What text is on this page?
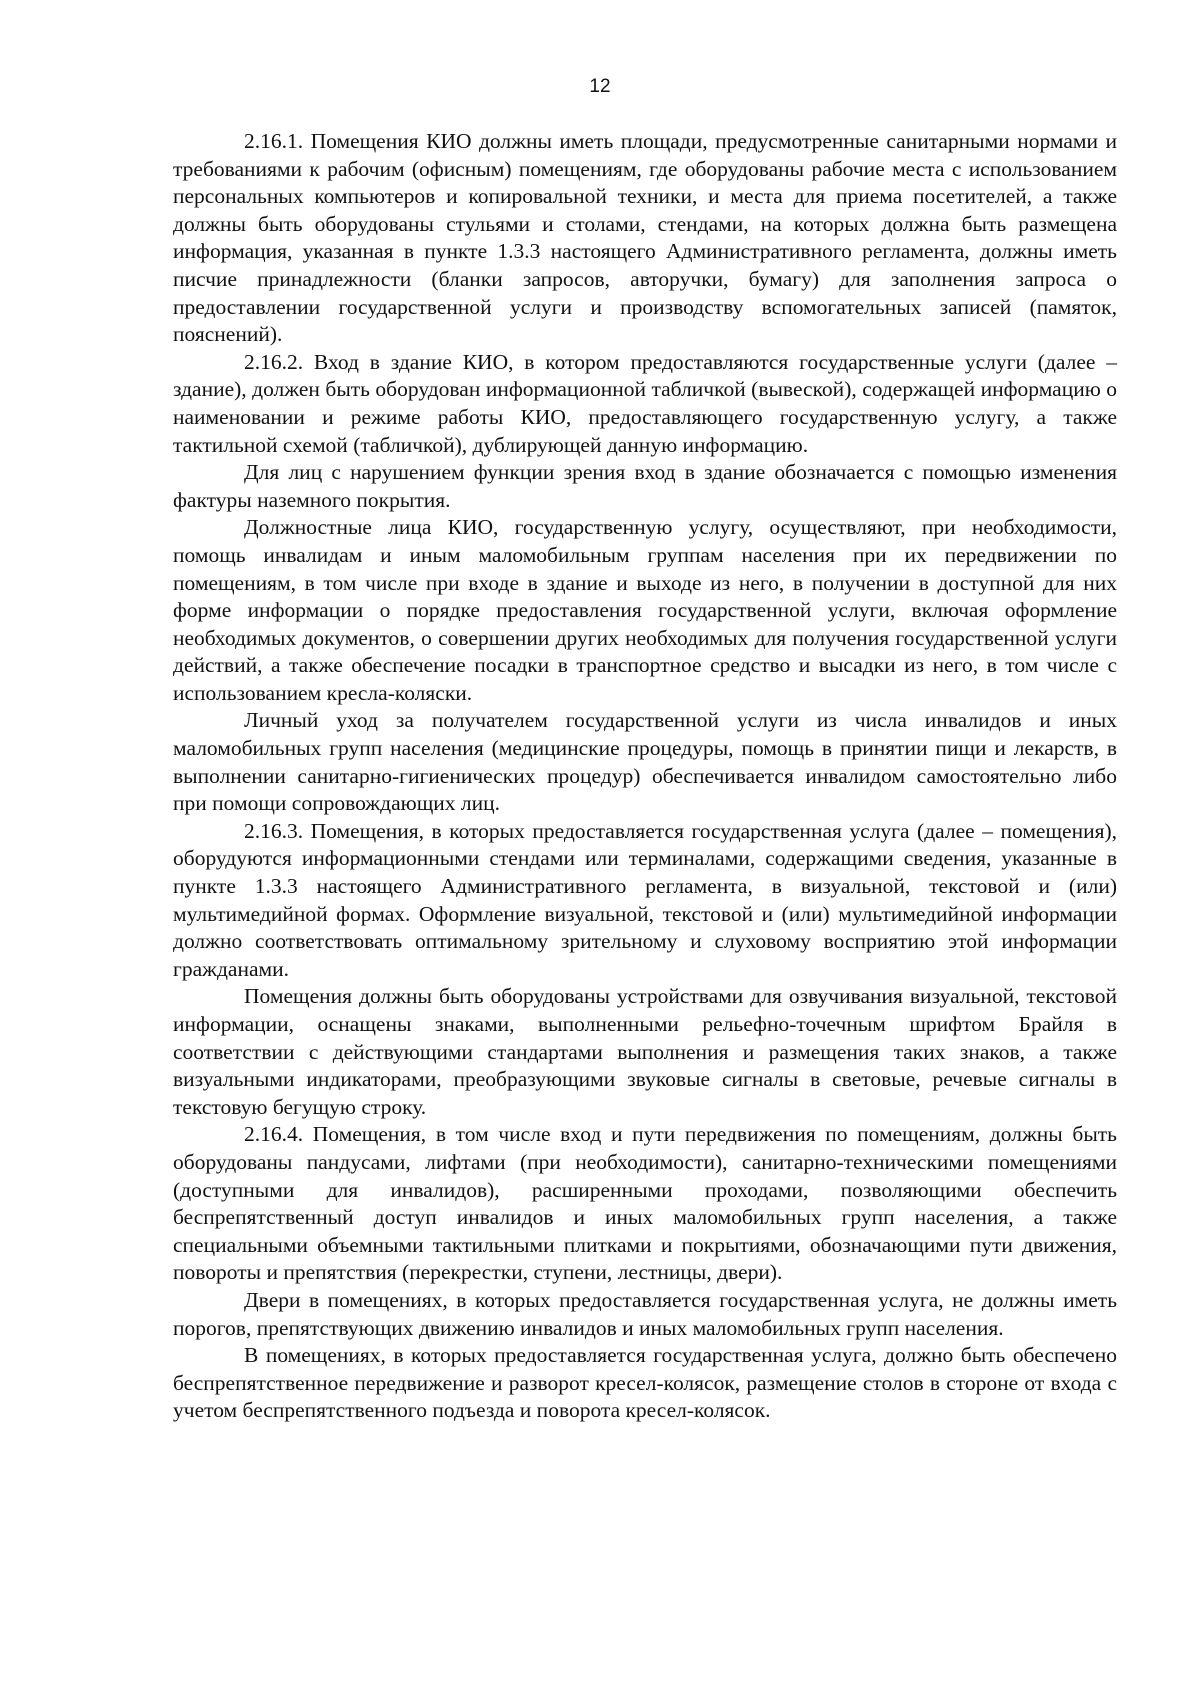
12

2.16.1. Помещения КИО должны иметь площади, предусмотренные санитарными нормами и требованиями к рабочим (офисным) помещениям, где оборудованы рабочие места с использованием персональных компьютеров и копировальной техники, и места для приема посетителей, а также должны быть оборудованы стульями и столами, стендами, на которых должна быть размещена информация, указанная в пункте 1.3.3 настоящего Административного регламента, должны иметь писчие принадлежности (бланки запросов, авторучки, бумагу) для заполнения запроса о предоставлении государственной услуги и производству вспомогательных записей (памяток, пояснений).

2.16.2. Вход в здание КИО, в котором предоставляются государственные услуги (далее – здание), должен быть оборудован информационной табличкой (вывеской), содержащей информацию о наименовании и режиме работы КИО, предоставляющего государственную услугу, а также тактильной схемой (табличкой), дублирующей данную информацию.

Для лиц с нарушением функции зрения вход в здание обозначается с помощью изменения фактуры наземного покрытия.

Должностные лица КИО, государственную услугу, осуществляют, при необходимости, помощь инвалидам и иным маломобильным группам населения при их передвижении по помещениям, в том числе при входе в здание и выходе из него, в получении в доступной для них форме информации о порядке предоставления государственной услуги, включая оформление необходимых документов, о совершении других необходимых для получения государственной услуги действий, а также обеспечение посадки в транспортное средство и высадки из него, в том числе с использованием кресла-коляски.

Личный уход за получателем государственной услуги из числа инвалидов и иных маломобильных групп населения (медицинские процедуры, помощь в принятии пищи и лекарств, в выполнении санитарно-гигиенических процедур) обеспечивается инвалидом самостоятельно либо при помощи сопровождающих лиц.

2.16.3. Помещения, в которых предоставляется государственная услуга (далее – помещения), оборудуются информационными стендами или терминалами, содержащими сведения, указанные в пункте 1.3.3 настоящего Административного регламента, в визуальной, текстовой и (или) мультимедийной формах. Оформление визуальной, текстовой и (или) мультимедийной информации должно соответствовать оптимальному зрительному и слуховому восприятию этой информации гражданами.

Помещения должны быть оборудованы устройствами для озвучивания визуальной, текстовой информации, оснащены знаками, выполненными рельефно-точечным шрифтом Брайля в соответствии с действующими стандартами выполнения и размещения таких знаков, а также визуальными индикаторами, преобразующими звуковые сигналы в световые, речевые сигналы в текстовую бегущую строку.

2.16.4. Помещения, в том числе вход и пути передвижения по помещениям, должны быть оборудованы пандусами, лифтами (при необходимости), санитарно-техническими помещениями (доступными для инвалидов), расширенными проходами, позволяющими обеспечить беспрепятственный доступ инвалидов и иных маломобильных групп населения, а также специальными объемными тактильными плитками и покрытиями, обозначающими пути движения, повороты и препятствия (перекрестки, ступени, лестницы, двери).

Двери в помещениях, в которых предоставляется государственная услуга, не должны иметь порогов, препятствующих движению инвалидов и иных маломобильных групп населения.

В помещениях, в которых предоставляется государственная услуга, должно быть обеспечено беспрепятственное передвижение и разворот кресел-колясок, размещение столов в стороне от входа с учетом беспрепятственного подъезда и поворота кресел-колясок.
